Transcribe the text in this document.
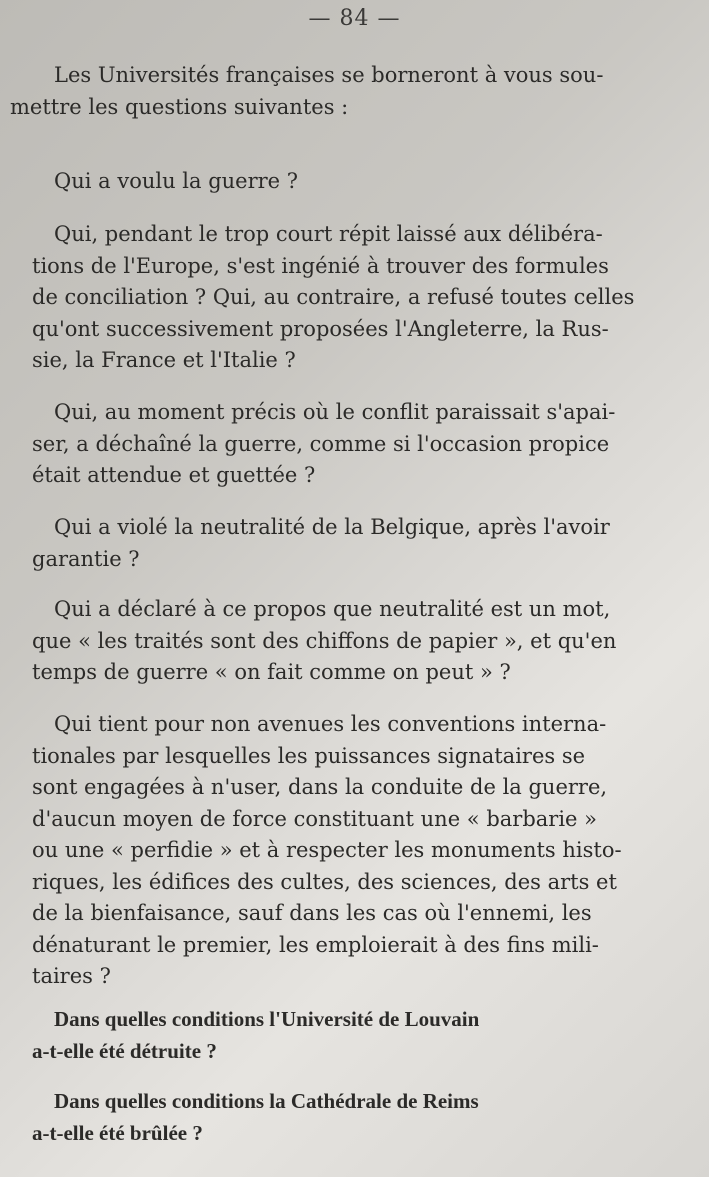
— 84 —

Les Universités françaises se borneront à vous sou-
mettre les questions suivantes :

Qui a voulu la guerre ?

Qui, pendant le trop court répit laissé aux délibéra-
tions de l'Europe, s'est ingénié à trouver des formules
de conciliation ? Qui, au contraire, a refusé toutes celles
qu'ont successivement proposées l'Angleterre, la Rus-
sie, la France et l'Italie ?

Qui, au moment précis où le conflit paraissait s'apai-
ser, a déchaîné la guerre, comme si l'occasion propice
était attendue et guettée ?

Qui a violé la neutralité de la Belgique, après l'avoir
garantie ?

Qui a déclaré à ce propos que neutralité est un mot,
que « les traités sont des chiffons de papier », et qu'en
temps de guerre « on fait comme on peut » ?

Qui tient pour non avenues les conventions interna-
tionales par lesquelles les puissances signataires se
sont engagées à n'user, dans la conduite de la guerre,
d'aucun moyen de force constituant une « barbarie »
ou une « perfidie » et à respecter les monuments histo-
riques, les édifices des cultes, des sciences, des arts et
de la bienfaisance, sauf dans les cas où l'ennemi, les
dénaturant le premier, les emploierait à des fins mili-
taires ?

Dans quelles conditions l'Université de Louvain
a-t-elle été détruite ?

Dans quelles conditions la Cathédrale de Reims
a-t-elle été brûlée ?
